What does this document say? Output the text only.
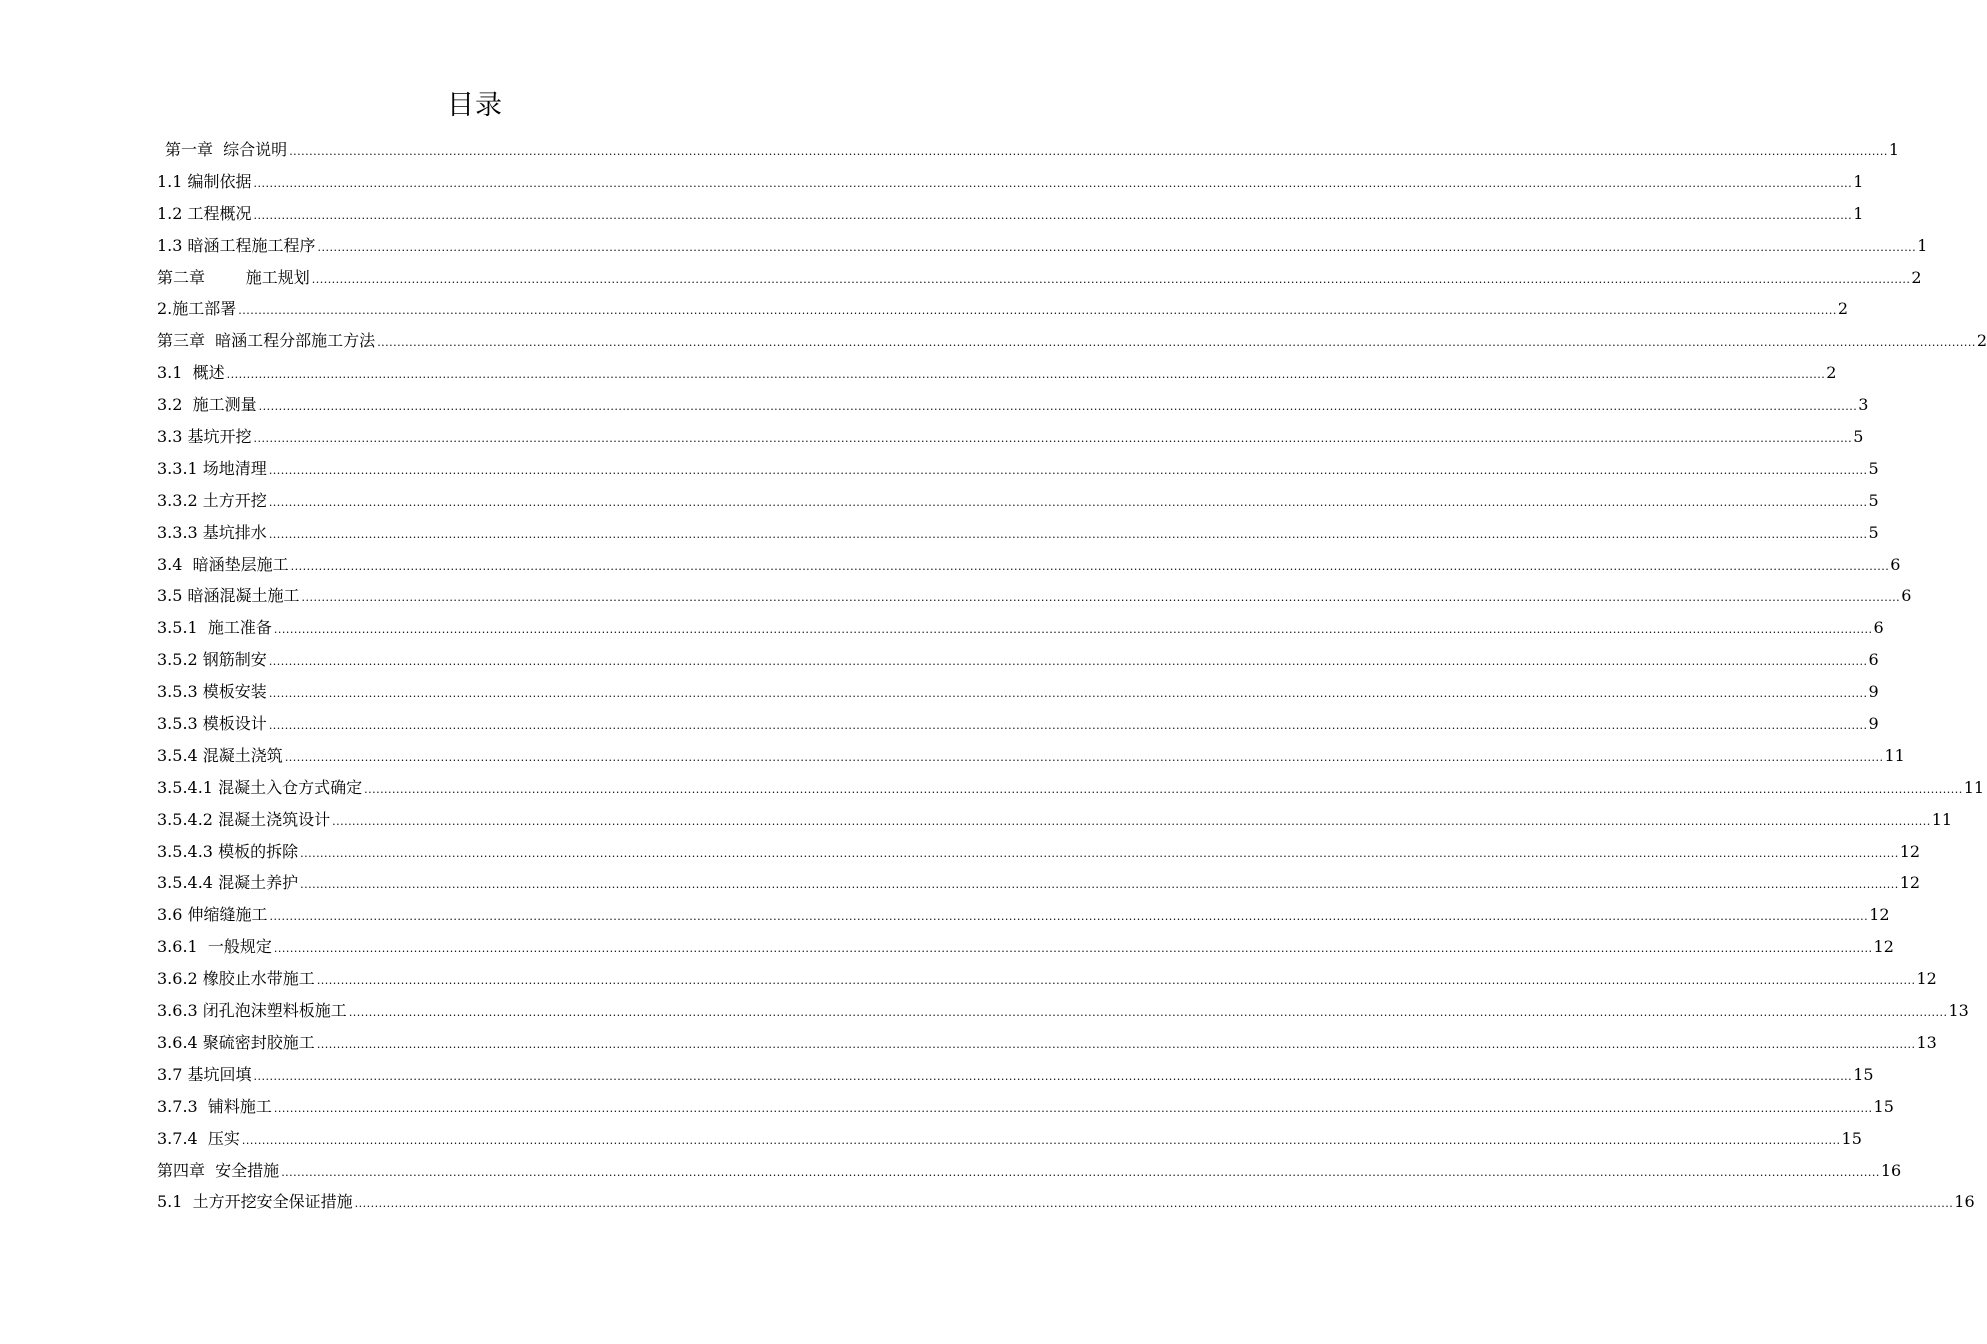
目录
第一章  综合说明 ................................................................................................................................................................................................................................................................................................................................................................................................................ 1
1.1 编制依据 ................................................................................................................................................................................................................................................................................................................................................................................................................ 1
1.2 工程概况 ................................................................................................................................................................................................................................................................................................................................................................................................................ 1
1.3 暗涵工程施工程序 ................................................................................................................................................................................................................................................................................................................................................................................................................ 1
第二章        施工规划 ................................................................................................................................................................................................................................................................................................................................................................................................................ 2
2.施工部署 ................................................................................................................................................................................................................................................................................................................................................................................................................ 2
第三章  暗涵工程分部施工方法 ................................................................................................................................................................................................................................................................................................................................................................................................................ 2
3.1  概述 ................................................................................................................................................................................................................................................................................................................................................................................................................ 2
3.2  施工测量 ................................................................................................................................................................................................................................................................................................................................................................................................................ 3
3.3 基坑开挖 ................................................................................................................................................................................................................................................................................................................................................................................................................ 5
3.3.1 场地清理 ................................................................................................................................................................................................................................................................................................................................................................................................................ 5
3.3.2 土方开挖 ................................................................................................................................................................................................................................................................................................................................................................................................................ 5
3.3.3 基坑排水 ................................................................................................................................................................................................................................................................................................................................................................................................................ 5
3.4  暗涵垫层施工 ................................................................................................................................................................................................................................................................................................................................................................................................................ 6
3.5 暗涵混凝土施工 ................................................................................................................................................................................................................................................................................................................................................................................................................ 6
3.5.1  施工准备 ................................................................................................................................................................................................................................................................................................................................................................................................................ 6
3.5.2 钢筋制安 ................................................................................................................................................................................................................................................................................................................................................................................................................ 6
3.5.3 模板安装 ................................................................................................................................................................................................................................................................................................................................................................................................................ 9
3.5.3 模板设计 ................................................................................................................................................................................................................................................................................................................................................................................................................ 9
3.5.4 混凝土浇筑 ................................................................................................................................................................................................................................................................................................................................................................................................................ 11
3.5.4.1 混凝土入仓方式确定 ................................................................................................................................................................................................................................................................................................................................................................................................................ 11
3.5.4.2 混凝土浇筑设计 ................................................................................................................................................................................................................................................................................................................................................................................................................ 11
3.5.4.3 模板的拆除 ................................................................................................................................................................................................................................................................................................................................................................................................................ 12
3.5.4.4 混凝土养护 ................................................................................................................................................................................................................................................................................................................................................................................................................ 12
3.6 伸缩缝施工 ................................................................................................................................................................................................................................................................................................................................................................................................................ 12
3.6.1  一般规定 ................................................................................................................................................................................................................................................................................................................................................................................................................ 12
3.6.2 橡胶止水带施工 ................................................................................................................................................................................................................................................................................................................................................................................................................ 12
3.6.3 闭孔泡沫塑料板施工 ................................................................................................................................................................................................................................................................................................................................................................................................................ 13
3.6.4 聚硫密封胶施工 ................................................................................................................................................................................................................................................................................................................................................................................................................ 13
3.7 基坑回填 ................................................................................................................................................................................................................................................................................................................................................................................................................ 15
3.7.3  铺料施工 ................................................................................................................................................................................................................................................................................................................................................................................................................ 15
3.7.4  压实 ................................................................................................................................................................................................................................................................................................................................................................................................................ 15
第四章  安全措施 ................................................................................................................................................................................................................................................................................................................................................................................................................ 16
5.1  土方开挖安全保证措施 ................................................................................................................................................................................................................................................................................................................................................................................................................ 16
